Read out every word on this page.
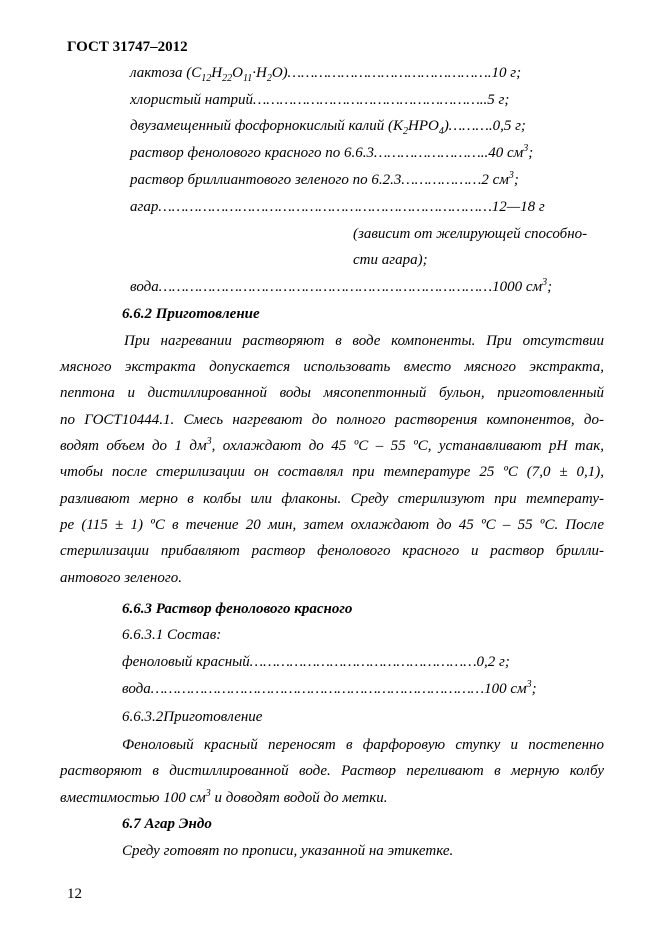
ГОСТ 31747–2012
лактоза $(C_{12}H_{22}O_{11}\cdot H_2O)\dots\dots\dots\dots\dots\dots\dots\dots\dots\dots\dots\dots\dots\dots\dots.10$ г;
хлористый натрий……………………………………………..5 г;
двузамещенный фосфорнокислый калий $(K_2HPO_4)\dots\dots\dots.0,5$ г;
раствор фенолового красного по 6.6.3……………………..40 $см^3$;
раствор бриллиантового зеленого по 6.2.3………………2 $см^3$;
агар…………………………………………………………………12—18 г
(зависит от желирующей способно-
сти агара);
вода…………………………………………………………………1000 $см^3$;
6.6.2 Приготовление
При нагревании растворяют в воде компоненты. При отсутствии
мясного экстракта допускается использовать вместо мясного экстракта,
пептона и дистиллированной воды мясопептонный бульон, приготовленный
по ГОСТ10444.1. Смесь нагревают до полного растворения компонентов, до-
водят объем до 1 $дм^3$, охлаждают до 45 ºС – 55 ºС, устанавливают рН так,
чтобы после стерилизации он составлял при температуре 25 ºС (7,0 ± 0,1),
разливают мерно в колбы или флаконы. Среду стерилизуют при температу-
ре (115 ± 1) ºС в течение 20 мин, затем охлаждают до 45 ºС – 55 ºС. После
стерилизации прибавляют раствор фенолового красного и раствор брилли-
антового зеленого.
6.6.3 Раствор фенолового красного
6.6.3.1 Состав:
феноловый красный……………………………………………0,2 г;
вода…………………………………………………………………100 $см^3$;
6.6.3.2Приготовление
Феноловый красный переносят в фарфоровую ступку и постепенно
растворяют в дистиллированной воде. Раствор переливают в мерную колбу
вместимостью 100 $см^3$ и доводят водой до метки.
6.7 Агар Эндо
Среду готовят по прописи, указанной на этикетке.
12
